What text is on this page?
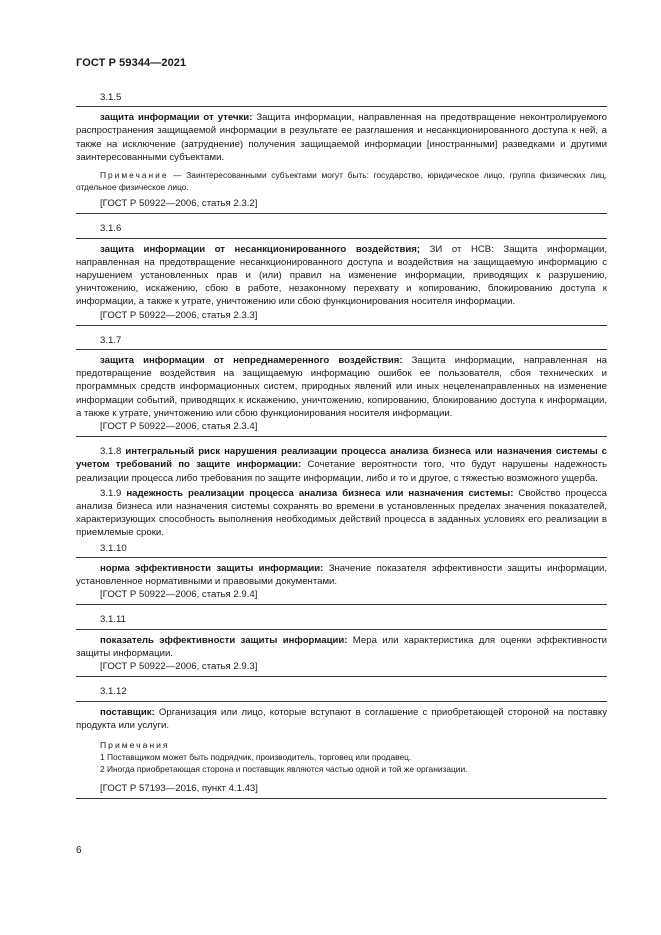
ГОСТ Р 59344—2021
3.1.5

защита информации от утечки: Защита информации, направленная на предотвращение неконтролируемого распространения защищаемой информации в результате ее разглашения и несанкционированного доступа к ней, а также на исключение (затруднение) получения защищаемой информации [иностранными] разведками и другими заинтересованными субъектами.

Примечание — Заинтересованными субъектами могут быть: государство, юридическое лицо, группа физических лиц, отдельное физическое лицо.

[ГОСТ Р 50922—2006, статья 2.3.2]
3.1.6

защита информации от несанкционированного воздействия; ЗИ от НСВ: Защита информации, направленная на предотвращение несанкционированного доступа и воздействия на защищаемую информацию с нарушением установленных прав и (или) правил на изменение информации, приводящих к разрушению, уничтожению, искажению, сбою в работе, незаконному перехвату и копированию, блокированию доступа к информации, а также к утрате, уничтожению или сбою функционирования носителя информации.

[ГОСТ Р 50922—2006, статья 2.3.3]
3.1.7

защита информации от непреднамеренного воздействия: Защита информации, направленная на предотвращение воздействия на защищаемую информацию ошибок ее пользователя, сбоя технических и программных средств информационных систем, природных явлений или иных нецеленаправленных на изменение информации событий, приводящих к искажению, уничтожению, копированию, блокированию доступа к информации, а также к утрате, уничтожению или сбою функционирования носителя информации.

[ГОСТ Р 50922—2006, статья 2.3.4]

3.1.8 интегральный риск нарушения реализации процесса анализа бизнеса или назначения системы с учетом требований по защите информации: Сочетание вероятности того, что будут нарушены надежность реализации процесса либо требования по защите информации, либо и то и другое, с тяжестью возможного ущерба.

3.1.9 надежность реализации процесса анализа бизнеса или назначения системы: Свойство процесса анализа бизнеса или назначения системы сохранять во времени в установленных пределах значения показателей, характеризующих способность выполнения необходимых действий процесса в заданных условиях его реализации в приемлемые сроки.

3.1.10

норма эффективности защиты информации: Значение показателя эффективности защиты информации, установленное нормативными и правовыми документами.

[ГОСТ Р 50922—2006, статья 2.9.4]
3.1.11

показатель эффективности защиты информации: Мера или характеристика для оценки эффективности защиты информации.

[ГОСТ Р 50922—2006, статья 2.9.3]
3.1.12

поставщик: Организация или лицо, которые вступают в соглашение с приобретающей стороной на поставку продукта или услуги.

Примечания
1 Поставщиком может быть подрядчик, производитель, торговец или продавец.
2 Иногда приобретающая сторона и поставщик являются частью одной и той же организации.
[ГОСТ Р 57193—2016, пункт 4.1.43]
6
